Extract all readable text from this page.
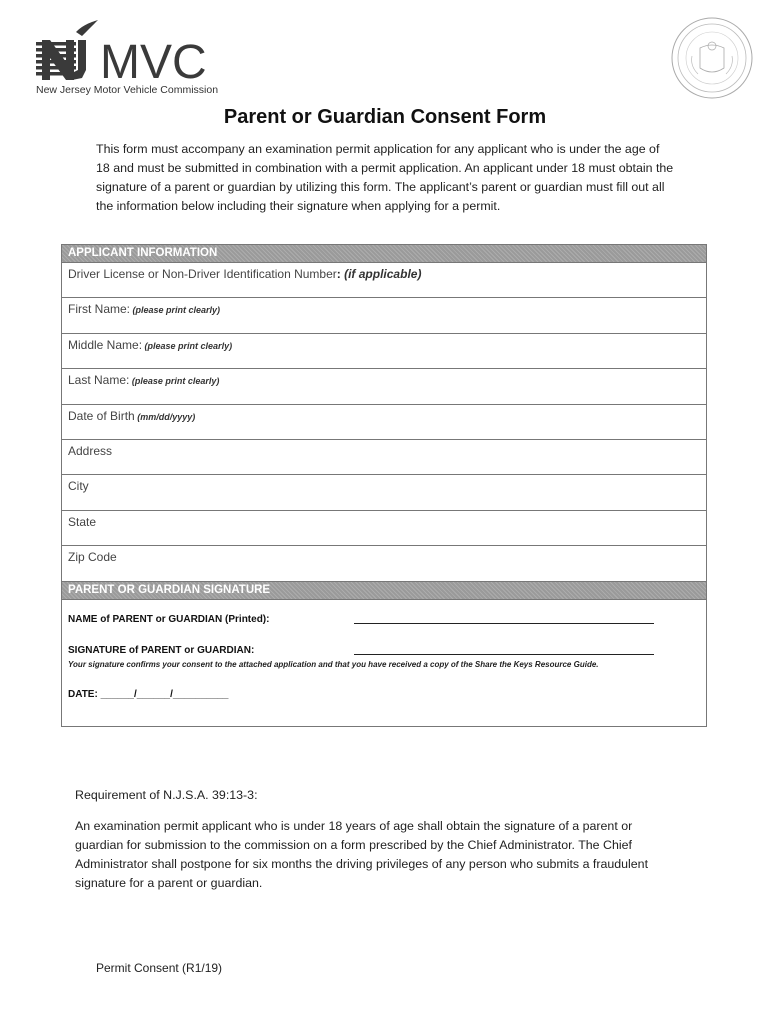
MVC
New Jersey Motor Vehicle Commission
Parent or Guardian Consent Form
This form must accompany an examination permit application for any applicant who is under the age of 18 and must be submitted in combination with a permit application. An applicant under 18 must obtain the signature of a parent or guardian by utilizing this form. The applicant’s parent or guardian must fill out all the information below including their signature when applying for a permit.
APPLICANT INFORMATION
Driver License or Non-Driver Identification Number: (if applicable)
First Name: (please print clearly)
Middle Name: (please print clearly)
Last Name: (please print clearly)
Date of Birth (mm/dd/yyyy)
Address
City
State
Zip Code
PARENT OR GUARDIAN SIGNATURE
NAME of PARENT or GUARDIAN (Printed):
SIGNATURE of PARENT or GUARDIAN:
Your signature confirms your consent to the attached application and that you have received a copy of the Share the Keys Resource Guide.
DATE: ______/______/__________
Requirement of N.J.S.A. 39:13-3:
An examination permit applicant who is under 18 years of age shall obtain the signature of a parent or guardian for submission to the commission on a form prescribed by the Chief Administrator. The Chief Administrator shall postpone for six months the driving privileges of any person who submits a fraudulent signature for a parent or guardian.
Permit Consent (R1/19)
